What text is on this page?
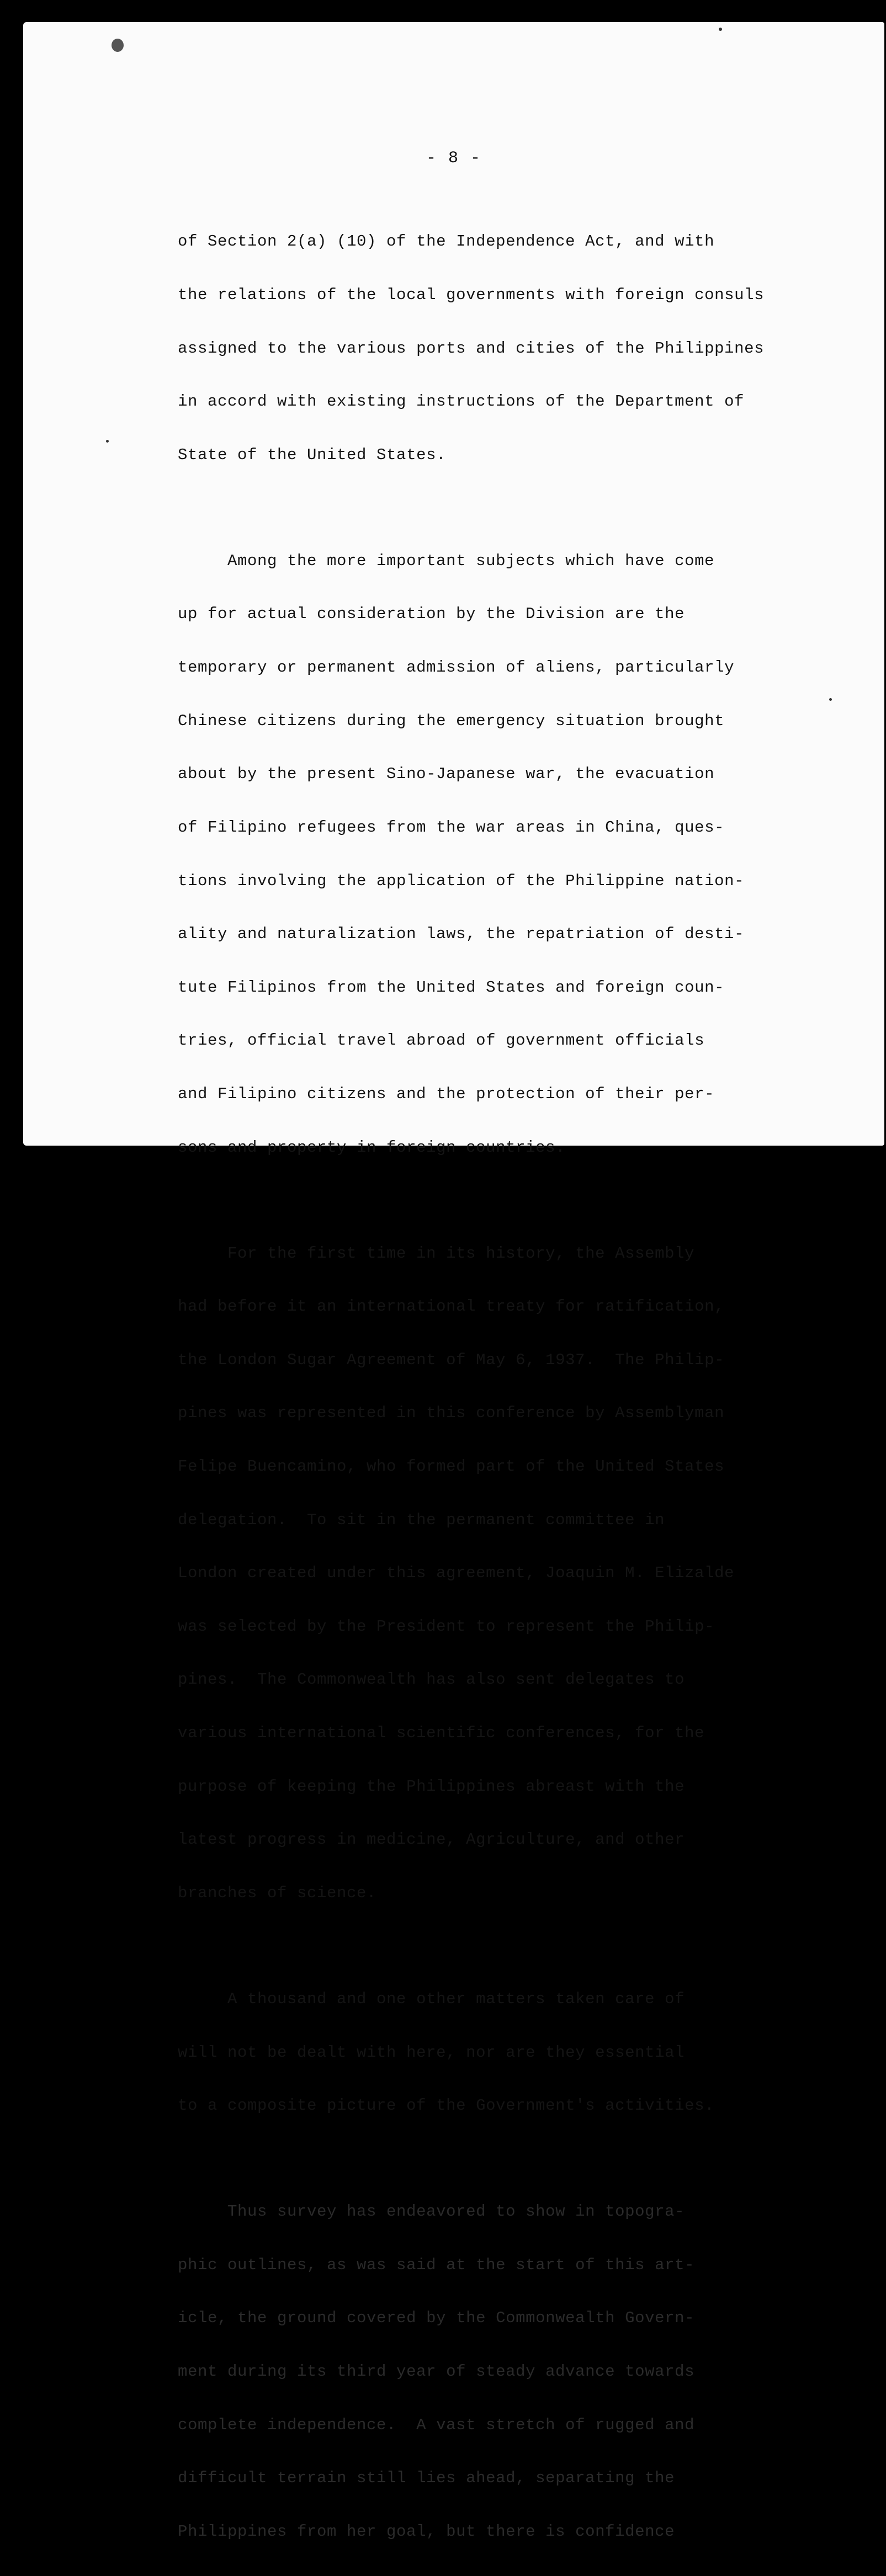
- 8 -

of Section 2(a) (10) of the Independence Act, and with

the relations of the local governments with foreign consuls

assigned to the various ports and cities of the Philippines

in accord with existing instructions of the Department of

State of the United States.

Among the more important subjects which have come

up for actual consideration by the Division are the

temporary or permanent admission of aliens, particularly

Chinese citizens during the emergency situation brought

about by the present Sino-Japanese war, the evacuation

of Filipino refugees from the war areas in China, ques-

tions involving the application of the Philippine nation-

ality and naturalization laws, the repatriation of desti-

tute Filipinos from the United States and foreign coun-

tries, official travel abroad of government officials

and Filipino citizens and the protection of their per-

sons and property in foreign countries.

For the first time in its history, the Assembly

had before it an international treaty for ratification,

the London Sugar Agreement of May 6, 1937.  The Philip-

pines was represented in this conference by Assemblyman

Felipe Buencamino, who formed part of the United States

delegation.  To sit in the permanent committee in

London created under this agreement, Joaquin M. Elizalde

was selected by the President to represent the Philip-

pines.  The Commonwealth has also sent delegates to

various international scientific conferences, for the

purpose of keeping the Philippines abreast with the

latest progress in medicine, Agriculture, and other

branches of science.

A thousand and one other matters taken care of

will not be dealt with here, nor are they essential

to a composite picture of the Government's activities.

Thus survey has endeavored to show in topogra-

phic outlines, as was said at the start of this art-

icle, the ground covered by the Commonwealth Govern-

ment during its third year of steady advance towards

complete independence.  A vast stretch of rugged and

difficult terrain still lies ahead, separating the

Philippines from her goal, but there is confidence
